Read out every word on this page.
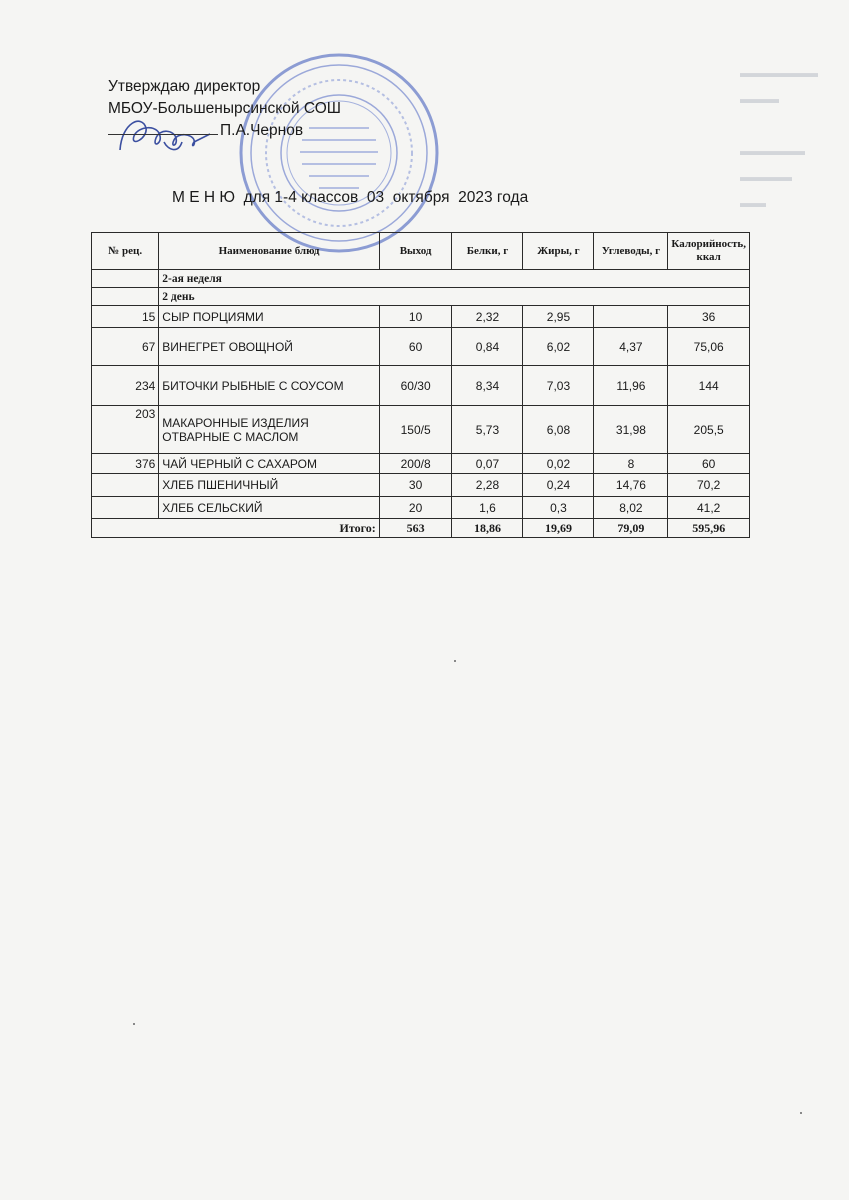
▬▬▬▬▬▬
▬▬▬

▬▬▬▬▬
▬▬▬▬
▬▬
Утверждаю директор
МБОУ-Большенырсинской СОШ
П.А.Чернов
М Е Н Ю  для 1-4 классов  03  октября  2023 года
№ рец.	Наименование блюд	Выход	Белки, г	Жиры, г	Углеводы, г	Калорийность, ккал
	2-ая неделя					
	2 день					
15	СЫР ПОРЦИЯМИ	10	2,32	2,95		36
67	ВИНЕГРЕТ ОВОЩНОЙ	60	0,84	6,02	4,37	75,06
234	БИТОЧКИ РЫБНЫЕ С СОУСОМ	60/30	8,34	7,03	11,96	144
203	МАКАРОННЫЕ ИЗДЕЛИЯ ОТВАРНЫЕ С МАСЛОМ	150/5	5,73	6,08	31,98	205,5
376	ЧАЙ ЧЕРНЫЙ С САХАРОМ	200/8	0,07	0,02	8	60
	ХЛЕБ ПШЕНИЧНЫЙ	30	2,28	0,24	14,76	70,2
	ХЛЕБ СЕЛЬСКИЙ	20	1,6	0,3	8,02	41,2
Итого:		563	18,86	19,69	79,09	595,96
